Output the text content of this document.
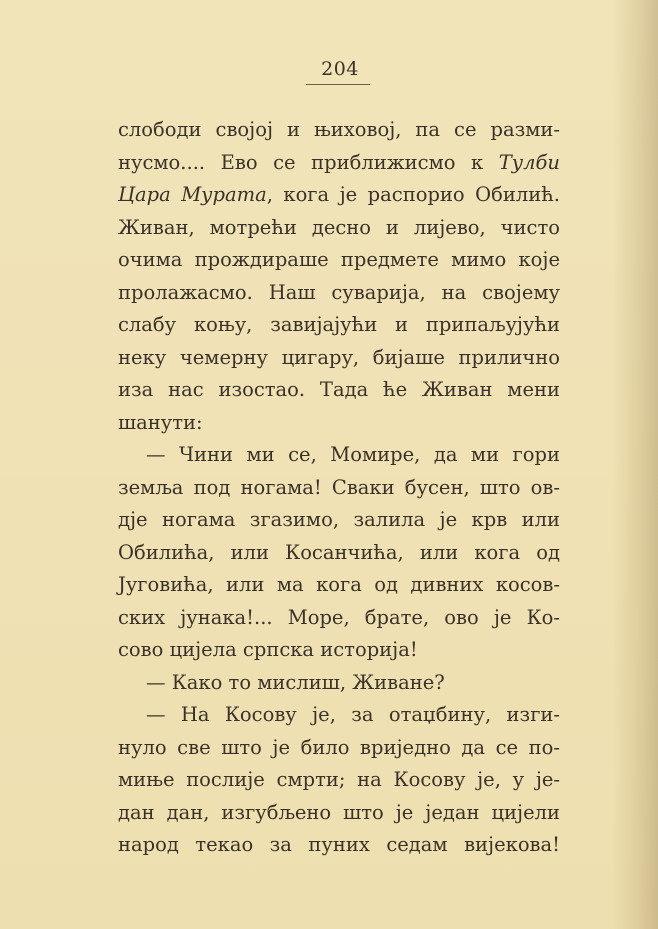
204
слободи својој и њиховој, па се разми-
нусмо.... Ево се приближисмо к Тулби
Цара Мурата, кога је распорио Обилић.
Живан, мотрећи десно и лијево, чисто
очима прождираше предмете мимо које
пролажасмо. Наш суварија, на своjему
слабу коњу, завијајући и припаљујући
неку чемерну цигару, бијаше прилично
иза нас изостао. Тада ће Живан мени
шанути:
— Чини ми се, Момире, да ми гори
земља под ногама! Сваки бусен, што ов-
дје ногама згазимо, залила је крв или
Обилића, или Косанчића, или кога од
Југовића, или ма кога од дивних косов-
ских јунака!... Море, брате, ово је Ко-
сово цијела српска историја!
— Како то мислиш, Живане?
— На Косову је, за отаџбину, изги-
нуло све што је било вриједно да се по-
миње послије смрти; на Косову је, у је-
дан дан, изгубљено што је један цијели
народ текао за пуних седам вијекова!
